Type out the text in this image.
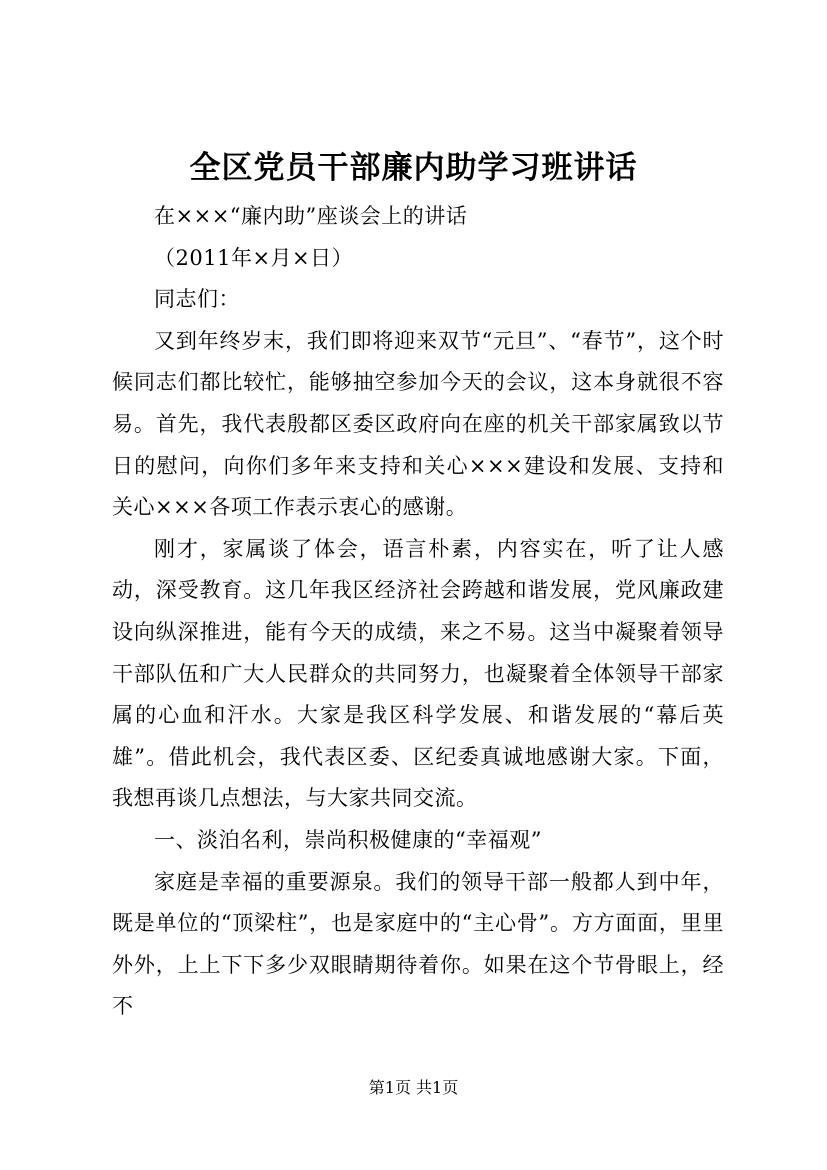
全区党员干部廉内助学习班讲话

在×××“廉内助”座谈会上的讲话

（2011年×月×日）

同志们：

又到年终岁末，我们即将迎来双节“元旦”、“春节”，这个时候同志们都比较忙，能够抽空参加今天的会议，这本身就很不容易。首先，我代表殷都区委区政府向在座的机关干部家属致以节日的慰问，向你们多年来支持和关心×××建设和发展、支持和关心×××各项工作表示衷心的感谢。

刚才，家属谈了体会，语言朴素，内容实在，听了让人感动，深受教育。这几年我区经济社会跨越和谐发展，党风廉政建设向纵深推进，能有今天的成绩，来之不易。这当中凝聚着领导干部队伍和广大人民群众的共同努力，也凝聚着全体领导干部家属的心血和汗水。大家是我区科学发展、和谐发展的“幕后英雄”。借此机会，我代表区委、区纪委真诚地感谢大家。下面，我想再谈几点想法，与大家共同交流。

一、淡泊名利，崇尚积极健康的“幸福观”

家庭是幸福的重要源泉。我们的领导干部一般都人到中年，既是单位的“顶梁柱”，也是家庭中的“主心骨”。方方面面，里里外外，上上下下多少双眼睛期待着你。如果在这个节骨眼上，经不

第1页 共1页
